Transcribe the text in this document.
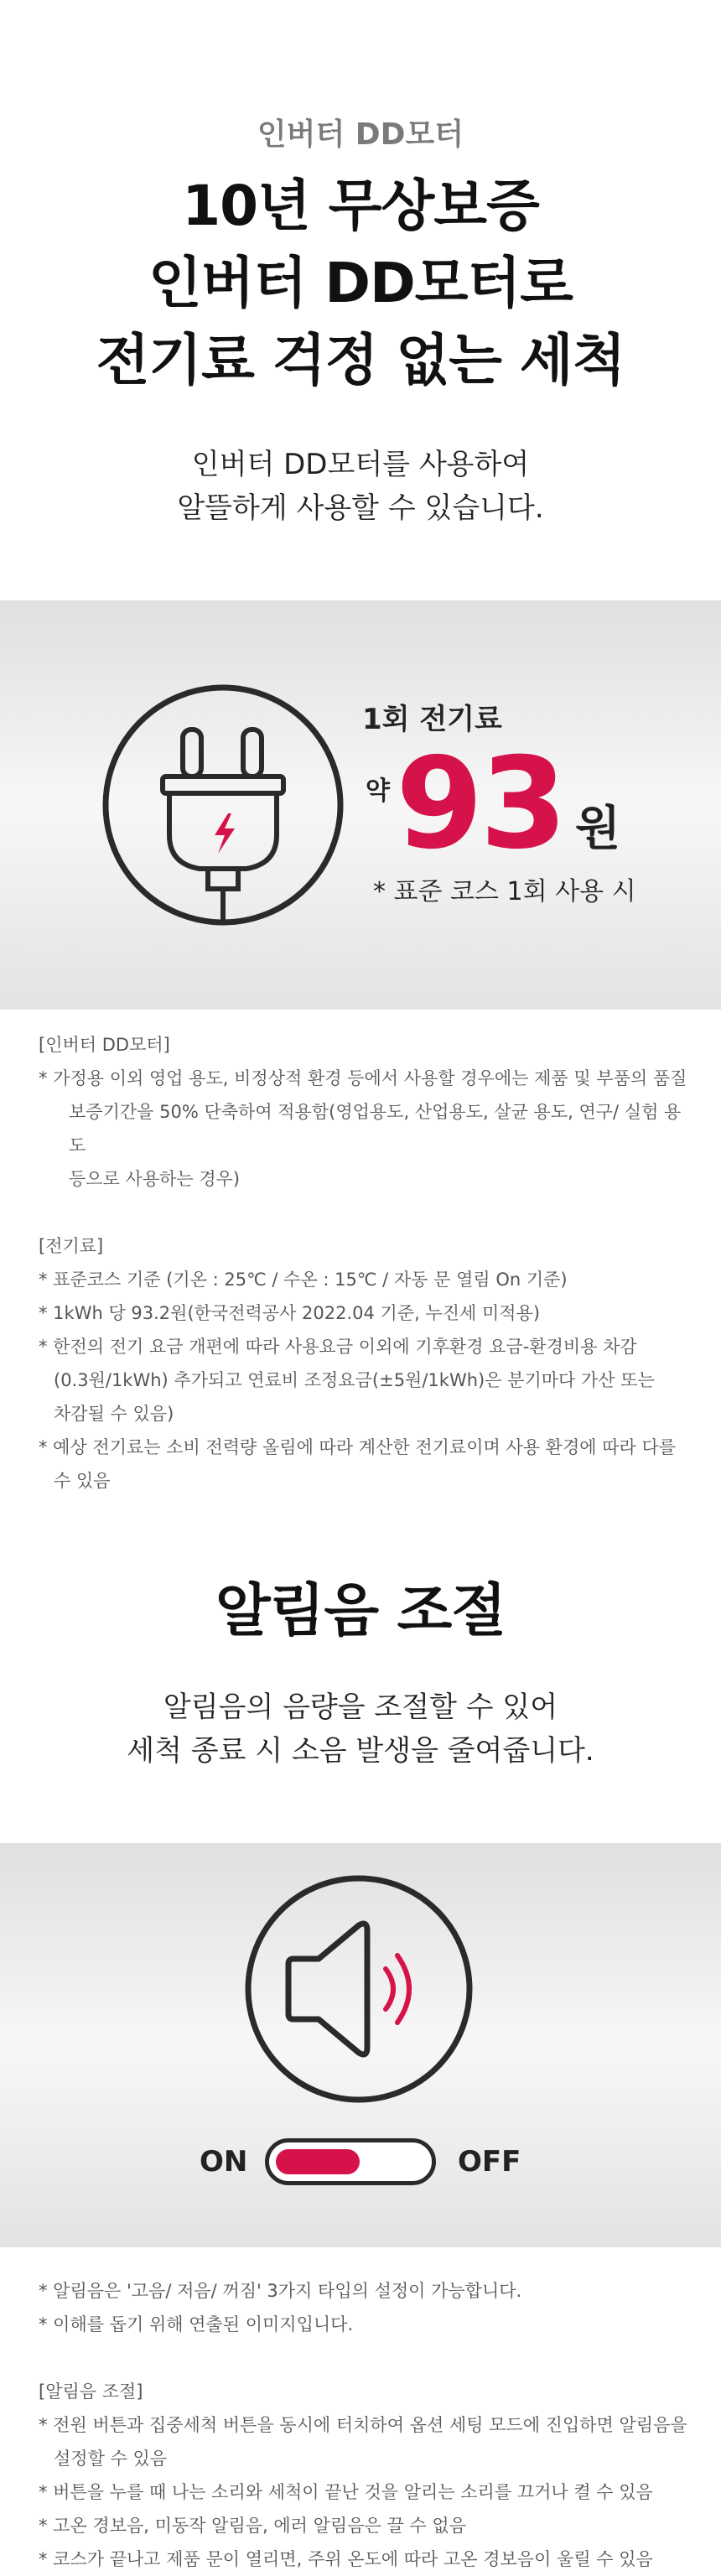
인버터 DD모터
10년 무상보증
인버터 DD모터로
전기료 걱정 없는 세척
인버터 DD모터를 사용하여
알뜰하게 사용할 수 있습니다.
1회 전기료
약 93 원
* 표준 코스 1회 사용 시
[인버터 DD모터]
* 가정용 이외 영업 용도, 비정상적 환경 등에서 사용할 경우에는 제품 및 부품의 품질
보증기간을 50% 단축하여 적용함(영업용도, 산업용도, 살균 용도, 연구/ 실험 용도
등으로 사용하는 경우)
[전기료]
* 표준코스 기준 (기온 : 25℃ / 수온 : 15℃ / 자동 문 열림 On 기준)
* 1kWh 당 93.2원(한국전력공사 2022.04 기준, 누진세 미적용)
* 한전의 전기 요금 개편에 따라 사용요금 이외에 기후환경 요금-환경비용 차감
(0.3원/1kWh) 추가되고 연료비 조정요금(±5원/1kWh)은 분기마다 가산 또는
차감될 수 있음)
* 예상 전기료는 소비 전력량 올림에 따라 계산한 전기료이며 사용 환경에 따라 다를
수 있음
알림음 조절
알림음의 음량을 조절할 수 있어
세척 종료 시 소음 발생을 줄여줍니다.
ON	OFF
* 알림음은 '고음/ 저음/ 꺼짐' 3가지 타입의 설정이 가능합니다.
* 이해를 돕기 위해 연출된 이미지입니다.
[알림음 조절]
* 전원 버튼과 집중세척 버튼을 동시에 터치하여 옵션 세팅 모드에 진입하면 알림음을
설정할 수 있음
* 버튼을 누를 때 나는 소리와 세척이 끝난 것을 알리는 소리를 끄거나 켤 수 있음
* 고온 경보음, 미동작 알림음, 에러 알림음은 끌 수 없음
* 코스가 끝나고 제품 문이 열리면, 주위 온도에 따라 고온 경보음이 울릴 수 있음
